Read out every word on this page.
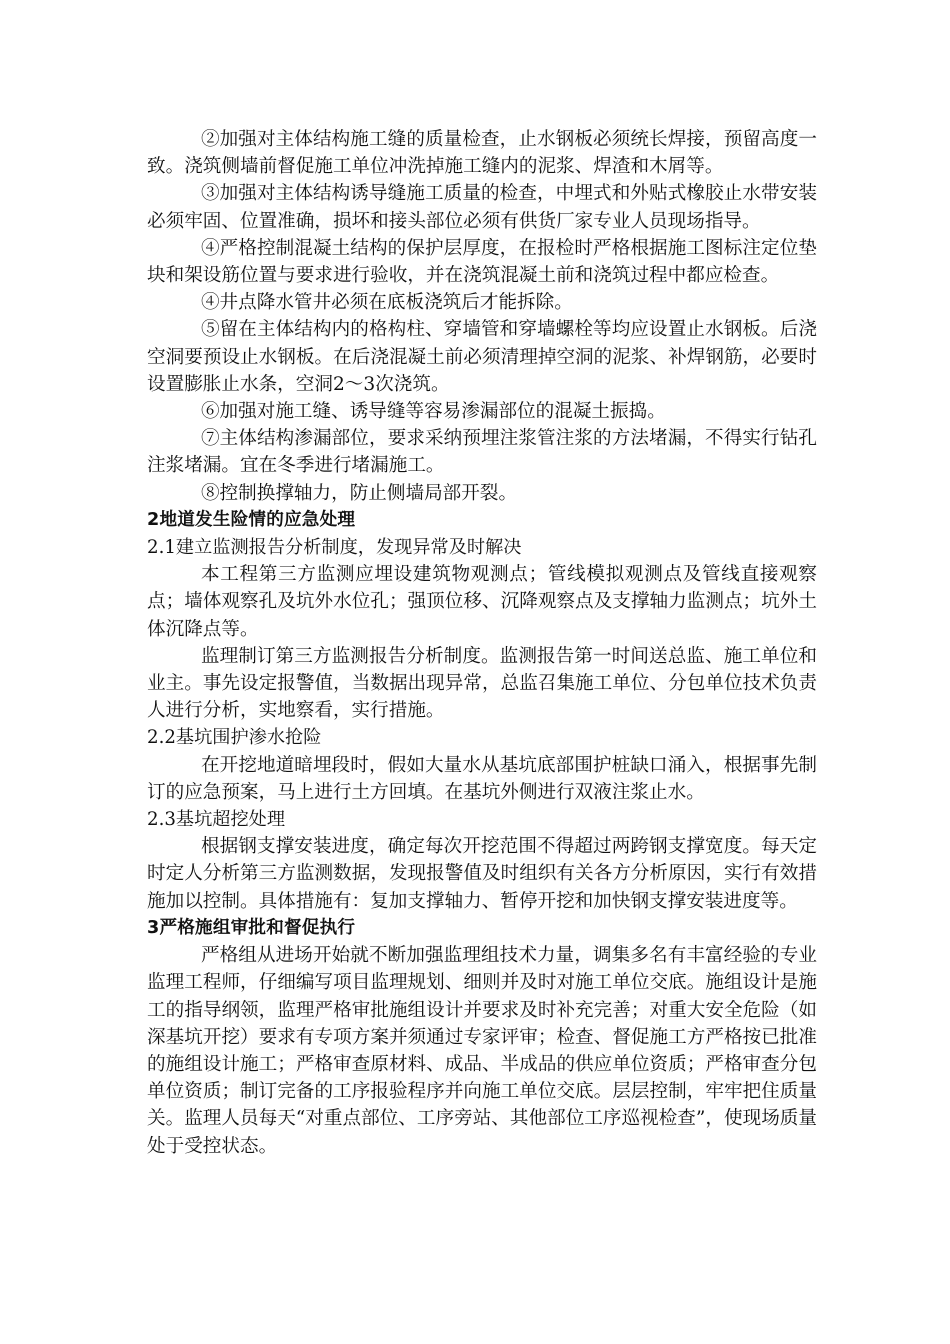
②加强对主体结构施工缝的质量检查，止水钢板必须统长焊接，预留高度一致。浇筑侧墙前督促施工单位冲洗掉施工缝内的泥浆、焊渣和木屑等。

③加强对主体结构诱导缝施工质量的检查，中埋式和外贴式橡胶止水带安装必须牢固、位置准确，损坏和接头部位必须有供货厂家专业人员现场指导。

④严格控制混凝土结构的保护层厚度，在报检时严格根据施工图标注定位垫块和架设筋位置与要求进行验收，并在浇筑混凝土前和浇筑过程中都应检查。

④井点降水管井必须在底板浇筑后才能拆除。

⑤留在主体结构内的格构柱、穿墙管和穿墙螺栓等均应设置止水钢板。后浇空洞要预设止水钢板。在后浇混凝土前必须清理掉空洞的泥浆、补焊钢筋，必要时设置膨胀止水条，空洞2～3次浇筑。

⑥加强对施工缝、诱导缝等容易渗漏部位的混凝土振捣。

⑦主体结构渗漏部位，要求采纳预埋注浆管注浆的方法堵漏，不得实行钻孔注浆堵漏。宜在冬季进行堵漏施工。

⑧控制换撑轴力，防止侧墙局部开裂。

2地道发生险情的应急处理

2.1建立监测报告分析制度，发现异常及时解决

本工程第三方监测应埋设建筑物观测点；管线模拟观测点及管线直接观察点；墙体观察孔及坑外水位孔；强顶位移、沉降观察点及支撑轴力监测点；坑外土体沉降点等。

监理制订第三方监测报告分析制度。监测报告第一时间送总监、施工单位和业主。事先设定报警值，当数据出现异常，总监召集施工单位、分包单位技术负责人进行分析，实地察看，实行措施。

2.2基坑围护渗水抢险

在开挖地道暗埋段时，假如大量水从基坑底部围护桩缺口涌入，根据事先制订的应急预案，马上进行土方回填。在基坑外侧进行双液注浆止水。

2.3基坑超挖处理

根据钢支撑安装进度，确定每次开挖范围不得超过两跨钢支撑宽度。每天定时定人分析第三方监测数据，发现报警值及时组织有关各方分析原因，实行有效措施加以控制。具体措施有：复加支撑轴力、暂停开挖和加快钢支撑安装进度等。

3严格施组审批和督促执行

严格组从进场开始就不断加强监理组技术力量，调集多名有丰富经验的专业监理工程师，仔细编写项目监理规划、细则并及时对施工单位交底。施组设计是施工的指导纲领，监理严格审批施组设计并要求及时补充完善；对重大安全危险（如深基坑开挖）要求有专项方案并须通过专家评审；检查、督促施工方严格按已批准的施组设计施工；严格审查原材料、成品、半成品的供应单位资质；严格审查分包单位资质；制订完备的工序报验程序并向施工单位交底。层层控制，牢牢把住质量关。监理人员每天“对重点部位、工序旁站、其他部位工序巡视检查”，使现场质量处于受控状态。
